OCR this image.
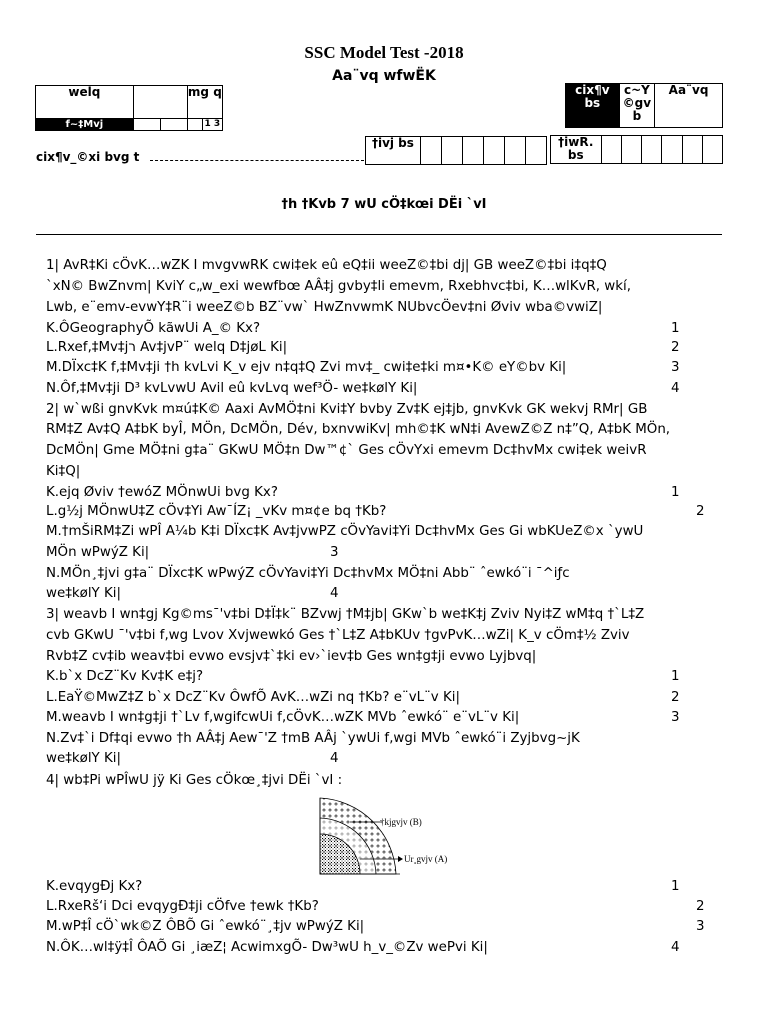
SSC Model Test -2018
Aa¨vq wfwËK
welq			mg q	
f~‡Mvj				1 3
cix¶v bs	c~Y ©gv b	Aa¨vq
cix¶v_©xi bvg t
†ivj bs							†iwR. bs						
†h †Kvb 7 wU cÖ‡kœi DËi `vI
1| AvR‡Ki cÖvK…wZK I mvgvwRK cwi‡ek eû eQ‡ii weeZ©‡bi dj| GB weeZ©‡bi i‡q‡Q
`xN© BwZnvm| KviY c„w_exi wewfbœ AÂ‡j gvby‡li emevm, Rxebhvc‡bi, K…wlKvR, wkí,
Lwb, e¨emv-evwY‡R¨i weeZ©b BZ¨vw` HwZnvwmK NUbvcÖev‡ni Øviv wba©vwiZ|
K.ÔGeographyÕ kãwUi A_© Kx?	1
L.Rxef‚‡Mv‡jר Av‡jvP¨ welq D‡jøL Ki|	2
M.DÏxc‡K f‚‡Mv‡ji †h kvLvi K_v ejv n‡q‡Q Zvi mv‡_ cwi‡e‡ki m¤•K© eY©bv Ki|	3
N.Ôf‚‡Mv‡ji D³ kvLvwU Avil eû kvLvq wef³Ö- we‡kølY Ki|	4
2| w`wßi gnvKvk m¤ú‡K© Aaxi AvMÖ‡ni Kvi‡Y bvby Zv‡K ej‡jb, gnvKvk GK wekvj RMr| GB
RM‡Z Av‡Q A‡bK byÎ, MÖn, DcMÖn, Dév, bxnvwiKv| mh©‡K wN‡i AvewZ©Z n‡”Q, A‡bK MÖn,
DcMÖn| Gme MÖ‡ni g‡a¨ GKwU MÖ‡n Dw™¢` Ges cÖvYxi emevm Dc‡hvMx cwi‡ek weivR
Ki‡Q|
K.ejq Øviv †ewóZ MÖnwUi bvg Kx?	1
L.g½j MÖnwU‡Z cÖv‡Yi Aw¯ÍZ¡ _vKv m¤¢e bq †Kb?	2
M.†mŠiRM‡Zi wPÎ A¼b K‡i DÏxc‡K Av‡jvwPZ cÖvYavi‡Yi Dc‡hvMx Ges Gi wbKUeZ©x `ywU
MÖn wPwýZ Ki|	3
N.MÖn¸‡jvi g‡a¨ DÏxc‡K wPwýZ cÖvYavi‡Yi Dc‡hvMx MÖ‡ni Abb¨ ˆewkó¨i ¯^iƒc
we‡kølY Ki|	4
3| weavb I wn‡gj Kg©ms¯'v‡bi D‡Ï‡k¨ BZvwj †M‡jb| GKw`b we‡K‡j Zviv Nyi‡Z wM‡q †`L‡Z
cvb GKwU ¯'v‡bi f‚wg Lvov Xvjwewkó Ges †`L‡Z A‡bKUv †gvPvK…wZi| K_v cÖm‡½ Zviv
Rvb‡Z cv‡ib weav‡bi evwo evsjv‡`‡ki ev›`iev‡b Ges wn‡g‡ji evwo Lyjbvq|
K.b`x DcZ¨Kv Kv‡K e‡j?	1
L.EaŸ©MwZ‡Z b`x DcZ¨Kv ÔwfÕ AvK…wZi nq †Kb? e¨vL¨v Ki|	2
M.weavb I wn‡g‡ji †`Lv f‚wgifcwUi f‚cÖvK…wZK MVb ˆewkó¨ e¨vL¨v Ki|	3
N.Zv‡`i Df‡qi evwo †h AÂ‡j Aew¯'Z †mB AÂj `ywUi f‚wgi MVb ˆewkó¨i Zyjbvg~jK
we‡kølY Ki|	4
4| wb‡Pi wPÎwU jÿ Ki Ges cÖkœ¸‡jvi DËi `vI :
†kjgvjv (B)
Ur¸gvjv (A)
K.evqygÐj Kx?	1
L.RxeRš‘i Dci evqygÐ‡ji cÖfve †ewk †Kb?	2
M.wP‡Î cÖ`wk©Z ÔBÕ Gi ˆewkó¨¸‡jv wPwýZ Ki|	3
N.ÔK…wl‡ÿ‡Î ÔAÕ Gi ¸iæZ¦ AcwimxgÕ- Dw³wU h_v_©Zv wePvi Ki|	4
